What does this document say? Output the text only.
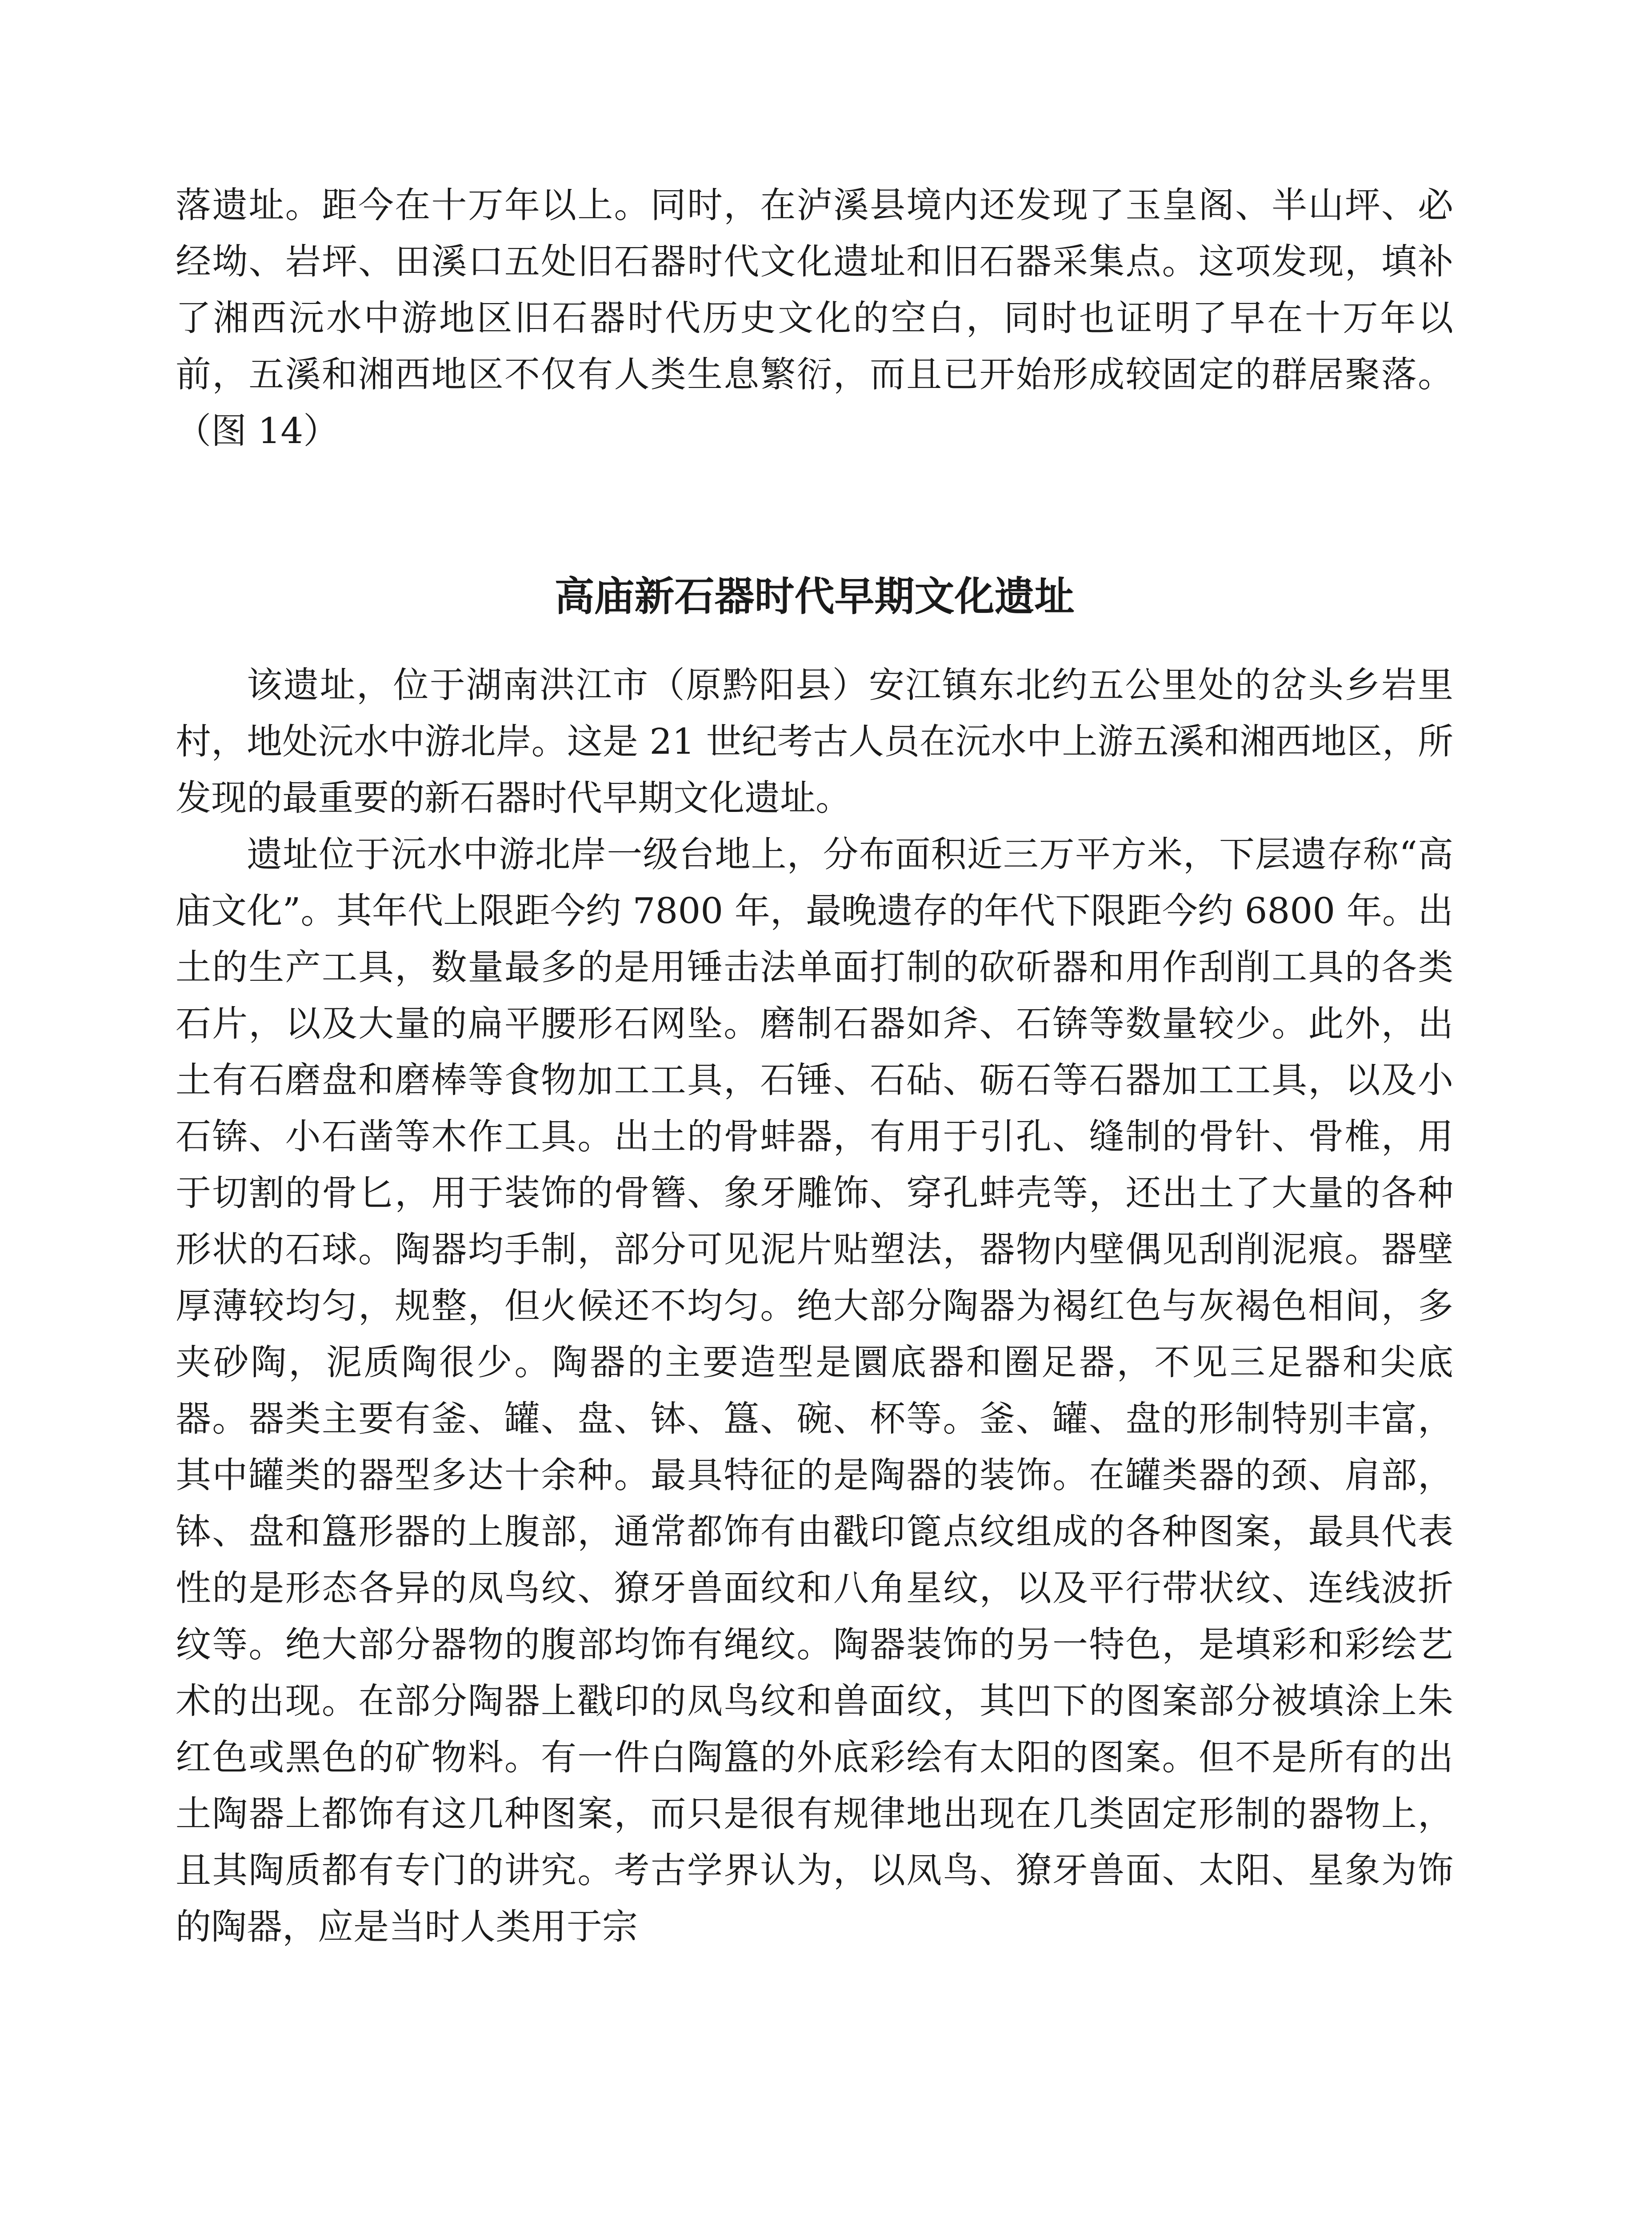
落遗址。距今在十万年以上。同时，在泸溪县境内还发现了玉皇阁、半山坪、必经坳、岩坪、田溪口五处旧石器时代文化遗址和旧石器采集点。这项发现，填补了湘西沅水中游地区旧石器时代历史文化的空白，同时也证明了早在十万年以前，五溪和湘西地区不仅有人类生息繁衍，而且已开始形成较固定的群居聚落。（图 14）

高庙新石器时代早期文化遗址

该遗址，位于湖南洪江市（原黔阳县）安江镇东北约五公里处的岔头乡岩里村，地处沅水中游北岸。这是 21 世纪考古人员在沅水中上游五溪和湘西地区，所发现的最重要的新石器时代早期文化遗址。

遗址位于沅水中游北岸一级台地上，分布面积近三万平方米，下层遗存称“高庙文化”。其年代上限距今约 7800 年，最晚遗存的年代下限距今约 6800 年。出土的生产工具，数量最多的是用锤击法单面打制的砍斫器和用作刮削工具的各类石片，以及大量的扁平腰形石网坠。磨制石器如斧、石锛等数量较少。此外，出土有石磨盘和磨棒等食物加工工具，石锤、石砧、砺石等石器加工工具，以及小石锛、小石凿等木作工具。出土的骨蚌器，有用于引孔、缝制的骨针、骨椎，用于切割的骨匕，用于装饰的骨簪、象牙雕饰、穿孔蚌壳等，还出土了大量的各种形状的石球。陶器均手制，部分可见泥片贴塑法，器物内壁偶见刮削泥痕。器壁厚薄较均匀，规整，但火候还不均匀。绝大部分陶器为褐红色与灰褐色相间，多夹砂陶，泥质陶很少。陶器的主要造型是圜底器和圈足器，不见三足器和尖底器。器类主要有釜、罐、盘、钵、簋、碗、杯等。釜、罐、盘的形制特别丰富，其中罐类的器型多达十余种。最具特征的是陶器的装饰。在罐类器的颈、肩部，钵、盘和簋形器的上腹部，通常都饰有由戳印篦点纹组成的各种图案，最具代表性的是形态各异的凤鸟纹、獠牙兽面纹和八角星纹，以及平行带状纹、连线波折纹等。绝大部分器物的腹部均饰有绳纹。陶器装饰的另一特色，是填彩和彩绘艺术的出现。在部分陶器上戳印的凤鸟纹和兽面纹，其凹下的图案部分被填涂上朱红色或黑色的矿物料。有一件白陶簋的外底彩绘有太阳的图案。但不是所有的出土陶器上都饰有这几种图案，而只是很有规律地出现在几类固定形制的器物上，且其陶质都有专门的讲究。考古学界认为，以凤鸟、獠牙兽面、太阳、星象为饰的陶器，应是当时人类用于宗
